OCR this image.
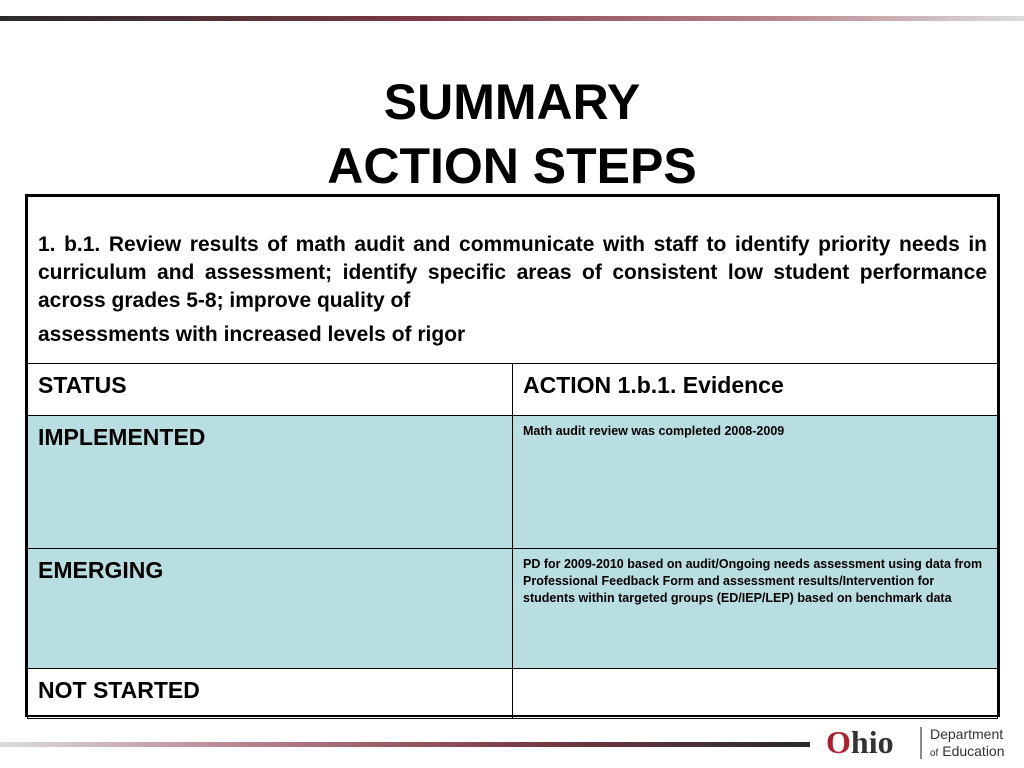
SUMMARY
ACTION STEPS
1. b.1. Review results of math audit and communicate with staff to identify priority needs in curriculum and assessment; identify specific areas of consistent low student performance across grades 5-8; improve quality of
assessments with increased levels of rigor	

STATUS	ACTION 1.b.1. Evidence
IMPLEMENTED	Math audit review was completed 2008-2009
EMERGING	PD for 2009-2010 based on audit/Ongoing needs assessment using data from Professional Feedback Form and assessment results/Intervention for students within targeted groups (ED/IEP/LEP) based on benchmark data
NOT STARTED	
Ohio	Department
of Education
